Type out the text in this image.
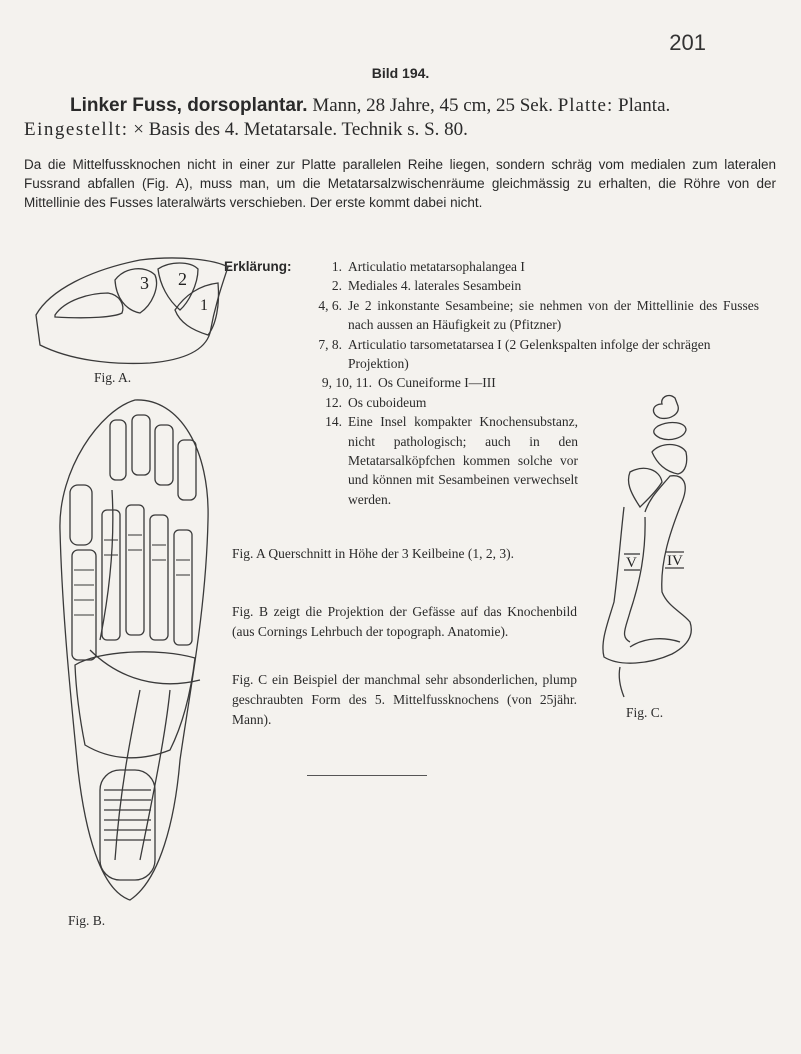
201
Bild 194.
Linker Fuss, dorsoplantar. Mann, 28 Jahre, 45 cm, 25 Sek. Platte: Planta.
Eingestellt: × Basis des 4. Metatarsale. Technik s. S. 80.
Da die Mittelfussknochen nicht in einer zur Platte parallelen Reihe liegen, sondern schräg vom medialen zum lateralen Fussrand abfallen (Fig. A), muss man, um die Metatarsalzwischenräume gleichmässig zu erhalten, die Röhre von der Mittellinie des Fusses lateralwärts verschieben. Der erste kommt dabei nicht.
Erklärung:	1. Articulatio metatarsophalangea I
2. Mediales 4. laterales Sesambein
4, 6. Je 2 inkonstante Sesambeine; sie nehmen von der Mittellinie des Fusses nach aussen an Häufigkeit zu (Pfitzner)
7, 8. Articulatio tarsometatarsea I (2 Gelenkspalten infolge der schrägen Projektion)
9, 10, 11. Os Cuneiforme I—III
12. Os cuboideum
14. Eine Insel kompakter Knochensubstanz, nicht pathologisch; auch in den Metatarsalköpfchen kommen solche vor und können mit Sesambeinen verwechselt werden.
Fig. A Querschnitt in Höhe der 3 Keilbeine (1, 2, 3).
Fig. B zeigt die Projektion der Gefässe auf das Knochenbild (aus Cornings Lehrbuch der topograph. Anatomie).
Fig. C ein Beispiel der manchmal sehr absonderlichen, plump geschraubten Form des 5. Mittelfussknochens (von 25jähr. Mann).
3 2
1
Fig. A.
Fig. B.
V IV
Fig. C.
